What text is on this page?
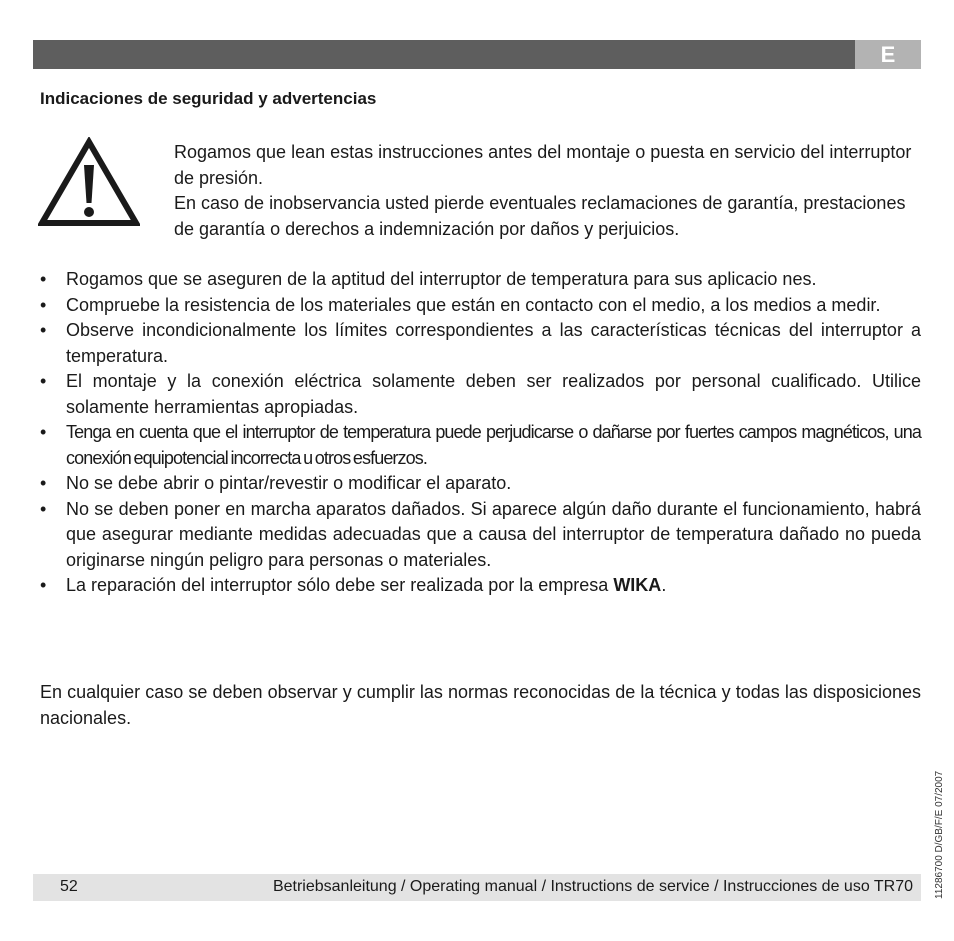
E
Indicaciones de seguridad y advertencias

Rogamos que lean estas instrucciones antes del montaje o puesta en servicio del interruptor de presión.

En caso de inobservancia usted pierde eventuales reclamaciones de garantía, prestaciones de garantía o derechos a indemnización por daños y perjuicios.

• Rogamos que se aseguren de la aptitud del interruptor de temperatura para sus aplicacio nes.
• Compruebe la resistencia de los materiales que están en contacto con el medio, a los medios a medir.
• Observe incondicionalmente los límites correspondientes a las características técnicas del interruptor a temperatura.
• El montaje y la conexión eléctrica solamente deben ser realizados por personal cualificado. Utilice solamente herramientas apropiadas.
• Tenga en cuenta que el interruptor de temperatura puede perjudicarse o dañarse por fuertes campos magnéticos, una conexión equipotencial incorrecta u otros esfuerzos.
• No se debe abrir o pintar/revestir o modificar el aparato.
• No se deben poner en marcha aparatos dañados. Si aparece algún daño durante el funcionamiento, habrá que asegurar mediante medidas adecuadas que a causa del interruptor de temperatura dañado no pueda originarse ningún peligro para personas o materiales.
• La reparación del interruptor sólo debe ser realizada por la empresa WIKA.
En cualquier caso se deben observar y cumplir las normas reconocidas de la técnica y todas las disposiciones nacionales.
52	Betriebsanleitung / Operating manual / Instructions de service / Instrucciones de uso TR70 11286700 D/GB/F/E 07/2007
